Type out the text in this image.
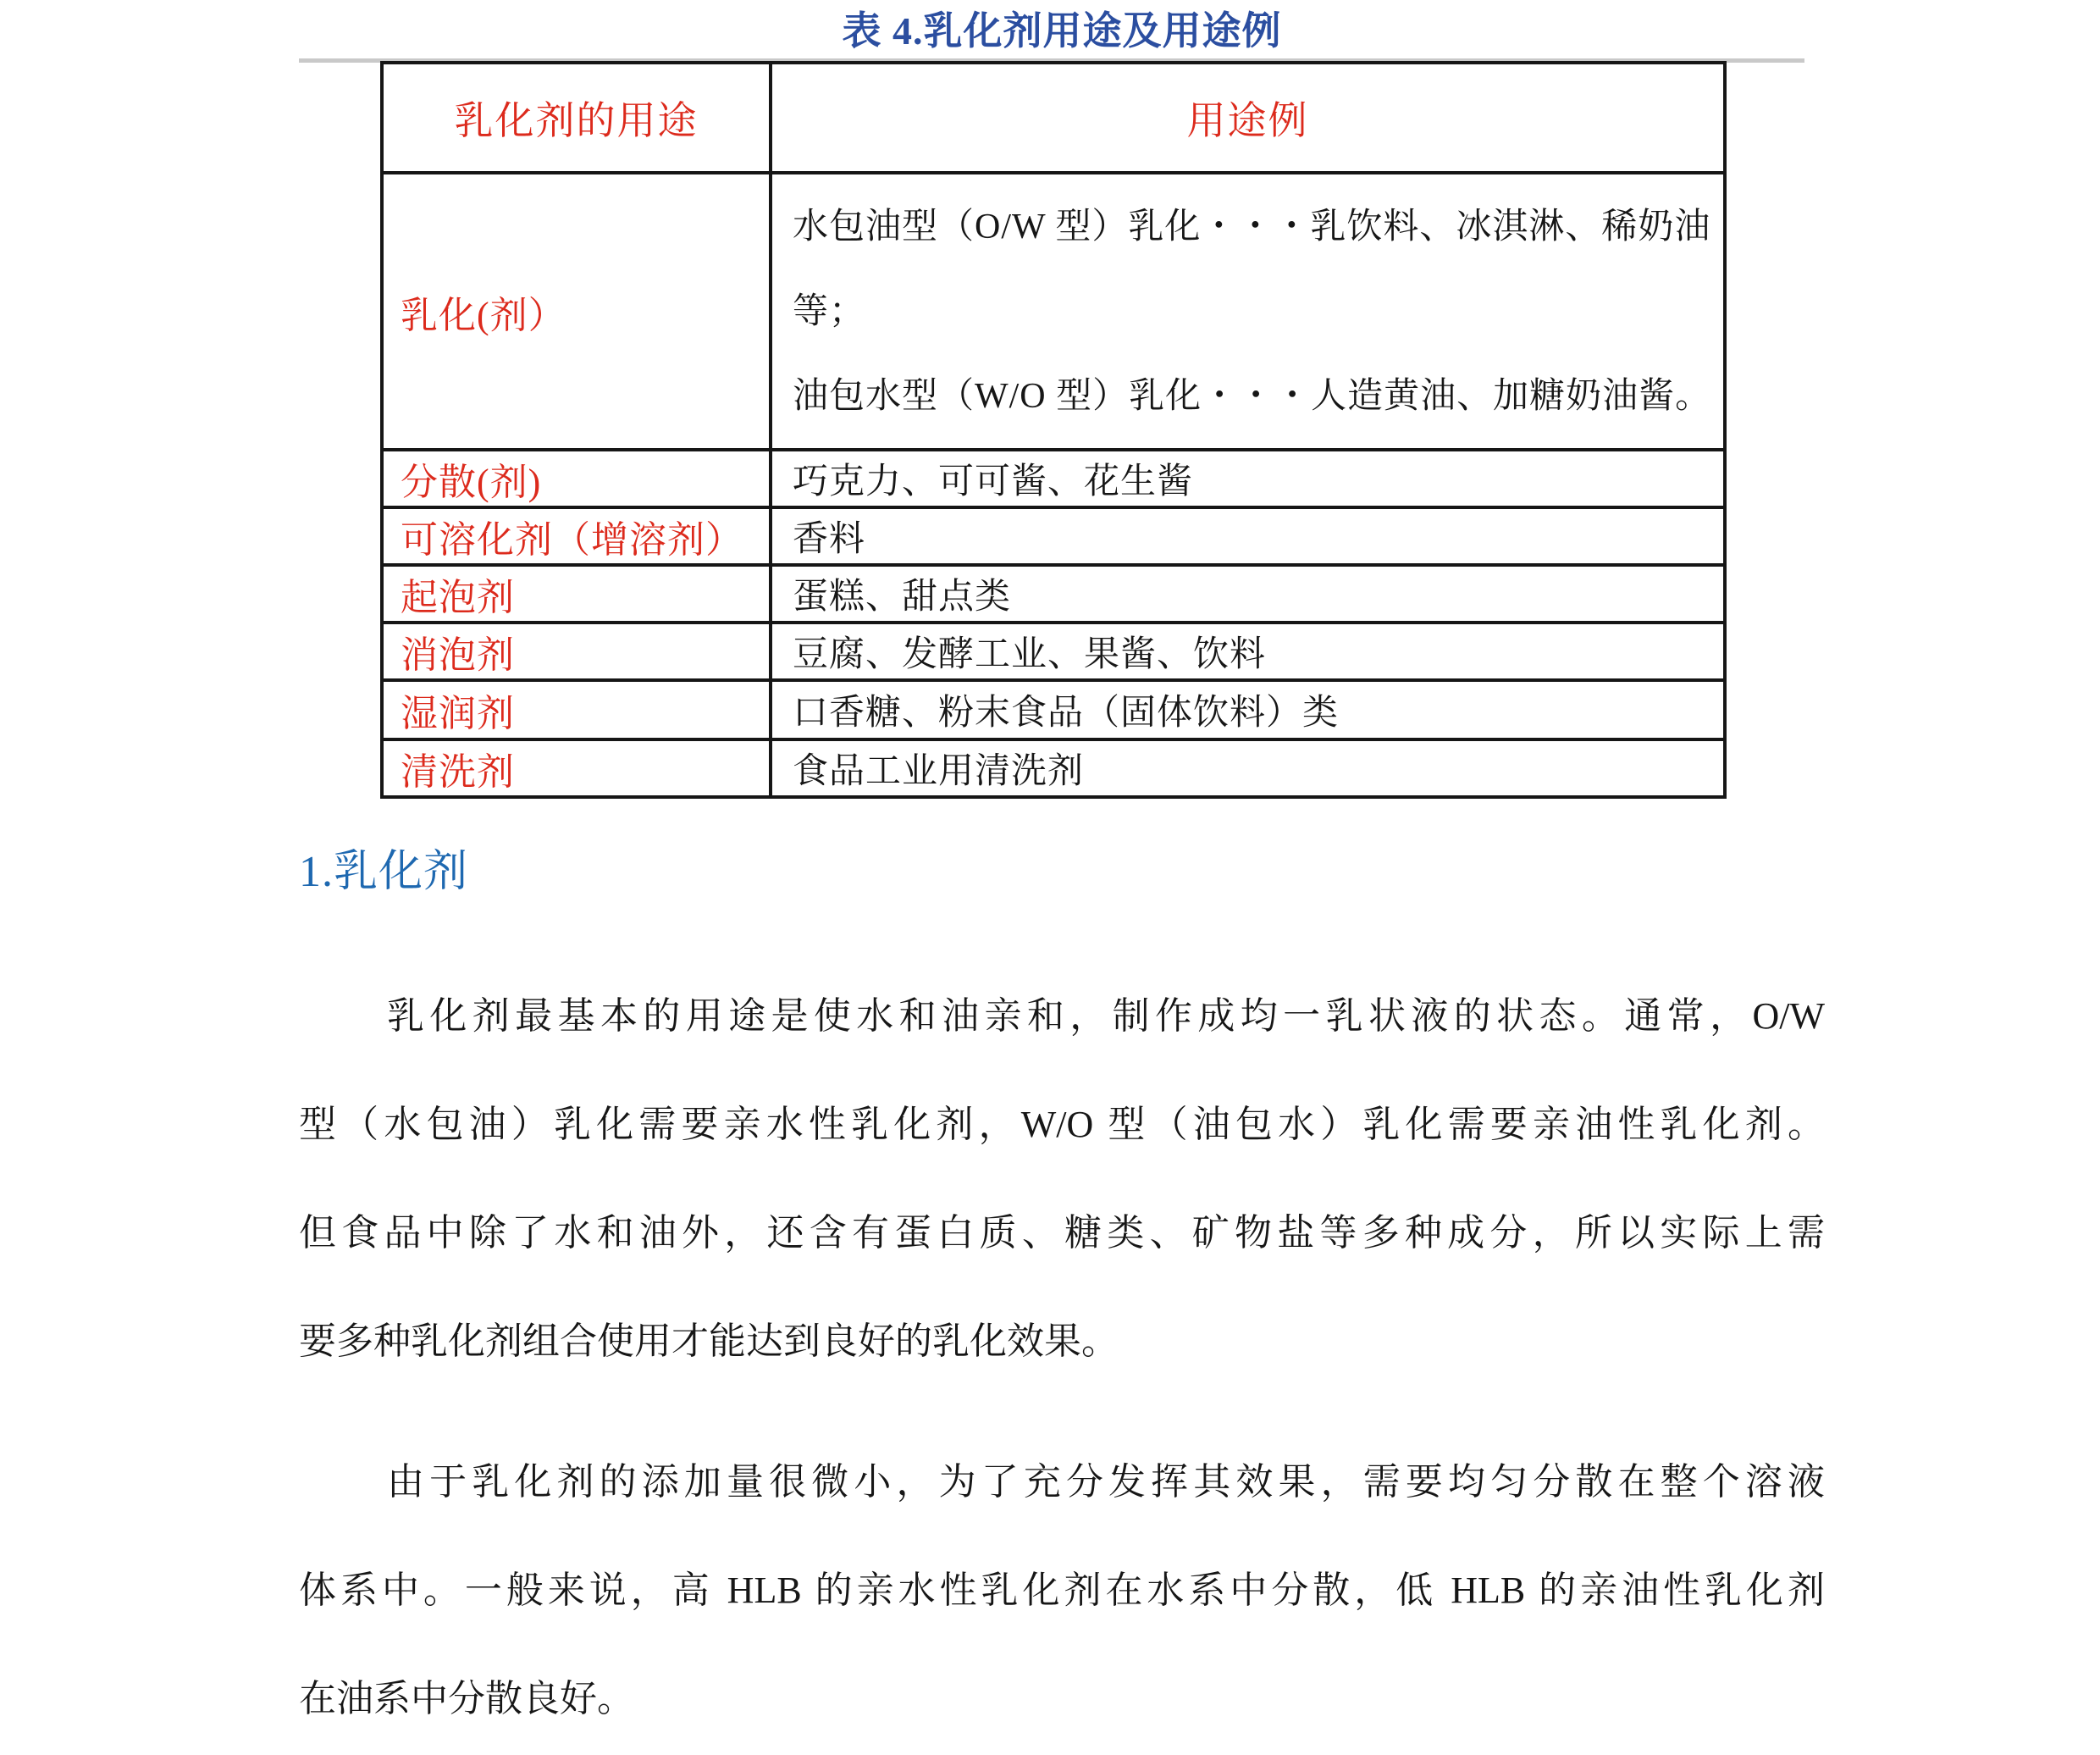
表 4.乳化剂用途及用途例
乳化剂的用途	用途例
乳化(剂）	水包油型（O/W 型）乳化・・・乳饮料、冰淇淋、稀奶油
等；
油包水型（W/O 型）乳化・・・人造黄油、加糖奶油酱。

分散(剂)	巧克力、可可酱、花生酱
可溶化剂（增溶剂）	香料
起泡剂	蛋糕、甜点类
消泡剂	豆腐、发酵工业、果酱、饮料
湿润剂	口香糖、粉末食品（固体饮料）类
清洗剂	食品工业用清洗剂
1.乳化剂
乳化剂最基本的用途是使水和油亲和，制作成均一乳状液的状态。通常，O/W
型（水包油）乳化需要亲水性乳化剂，W/O 型（油包水）乳化需要亲油性乳化剂。
但食品中除了水和油外，还含有蛋白质、糖类、矿物盐等多种成分，所以实际上需
要多种乳化剂组合使用才能达到良好的乳化效果。
由于乳化剂的添加量很微小，为了充分发挥其效果，需要均匀分散在整个溶液
体系中。一般来说，高 HLB 的亲水性乳化剂在水系中分散，低 HLB 的亲油性乳化剂
在油系中分散良好。
